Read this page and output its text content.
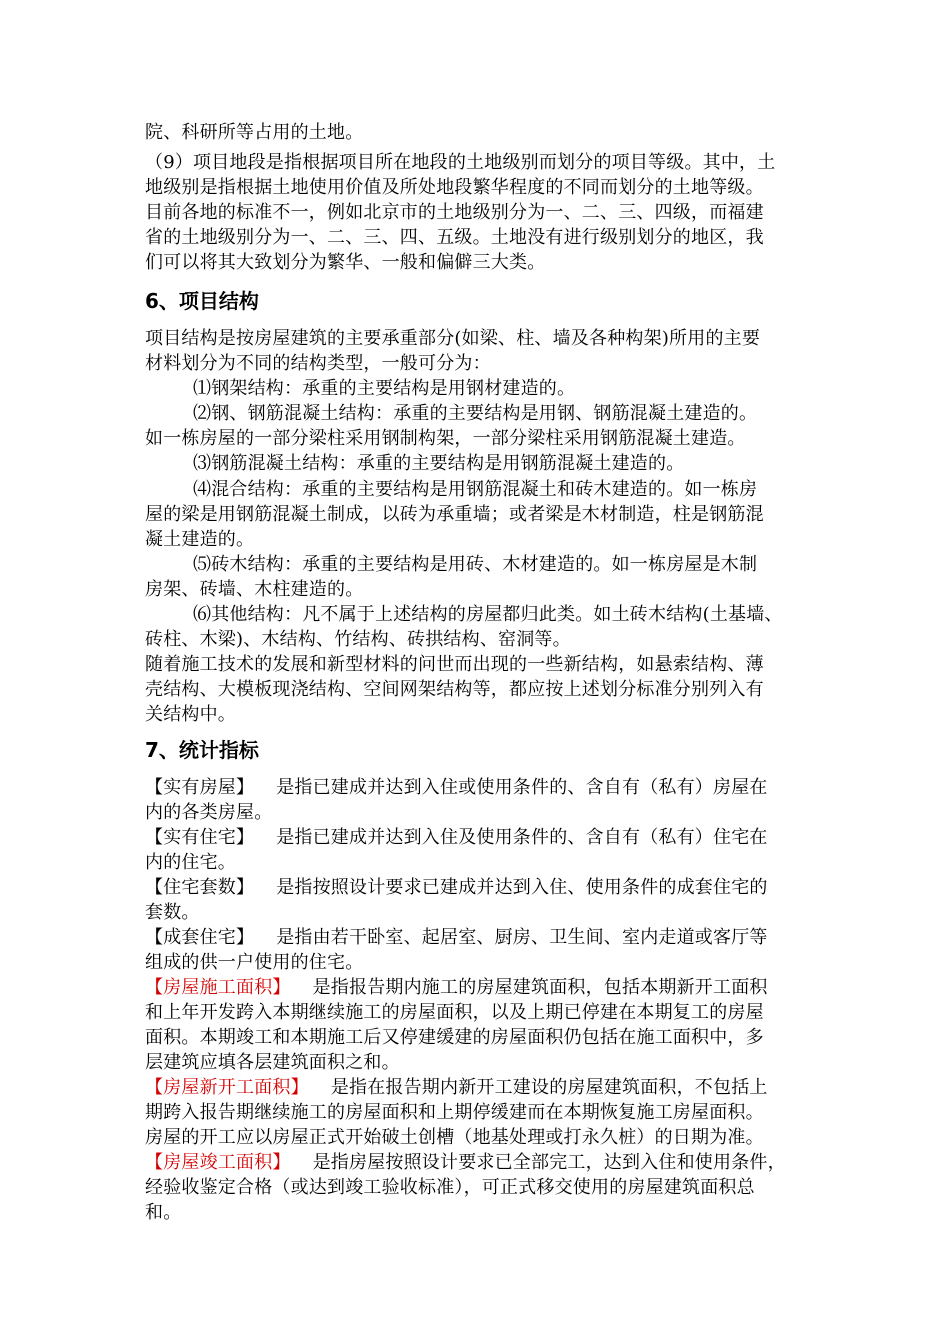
院、科研所等占用的土地。
（9）项目地段是指根据项目所在地段的土地级别而划分的项目等级。其中，土
地级别是指根据土地使用价值及所处地段繁华程度的不同而划分的土地等级。
目前各地的标准不一，例如北京市的土地级别分为一、二、三、四级，而福建
省的土地级别分为一、二、三、四、五级。土地没有进行级别划分的地区，我
们可以将其大致划分为繁华、一般和偏僻三大类。
6、项目结构
项目结构是按房屋建筑的主要承重部分(如梁、柱、墙及各种构架)所用的主要
材料划分为不同的结构类型，一般可分为：
⑴钢架结构：承重的主要结构是用钢材建造的。
⑵钢、钢筋混凝土结构：承重的主要结构是用钢、钢筋混凝土建造的。
如一栋房屋的一部分梁柱采用钢制构架，一部分梁柱采用钢筋混凝土建造。
⑶钢筋混凝土结构：承重的主要结构是用钢筋混凝土建造的。
⑷混合结构：承重的主要结构是用钢筋混凝土和砖木建造的。如一栋房
屋的梁是用钢筋混凝土制成，以砖为承重墙；或者梁是木材制造，柱是钢筋混
凝土建造的。
⑸砖木结构：承重的主要结构是用砖、木材建造的。如一栋房屋是木制
房架、砖墙、木柱建造的。
⑹其他结构：凡不属于上述结构的房屋都归此类。如土砖木结构(土基墙、
砖柱、木梁)、木结构、竹结构、砖拱结构、窑洞等。
随着施工技术的发展和新型材料的问世而出现的一些新结构，如悬索结构、薄
壳结构、大模板现浇结构、空间网架结构等，都应按上述划分标准分别列入有
关结构中。
7、统计指标
【实有房屋】 是指已建成并达到入住或使用条件的、含自有（私有）房屋在
内的各类房屋。
【实有住宅】 是指已建成并达到入住及使用条件的、含自有（私有）住宅在
内的住宅。
【住宅套数】 是指按照设计要求已建成并达到入住、使用条件的成套住宅的
套数。
【成套住宅】 是指由若干卧室、起居室、厨房、卫生间、室内走道或客厅等
组成的供一户使用的住宅。
【房屋施工面积】 是指报告期内施工的房屋建筑面积，包括本期新开工面积
和上年开发跨入本期继续施工的房屋面积，以及上期已停建在本期复工的房屋
面积。本期竣工和本期施工后又停建缓建的房屋面积仍包括在施工面积中，多
层建筑应填各层建筑面积之和。
【房屋新开工面积】 是指在报告期内新开工建设的房屋建筑面积，不包括上
期跨入报告期继续施工的房屋面积和上期停缓建而在本期恢复施工房屋面积。
房屋的开工应以房屋正式开始破土创槽（地基处理或打永久桩）的日期为准。
【房屋竣工面积】 是指房屋按照设计要求已全部完工，达到入住和使用条件，
经验收鉴定合格（或达到竣工验收标准），可正式移交使用的房屋建筑面积总
和。
